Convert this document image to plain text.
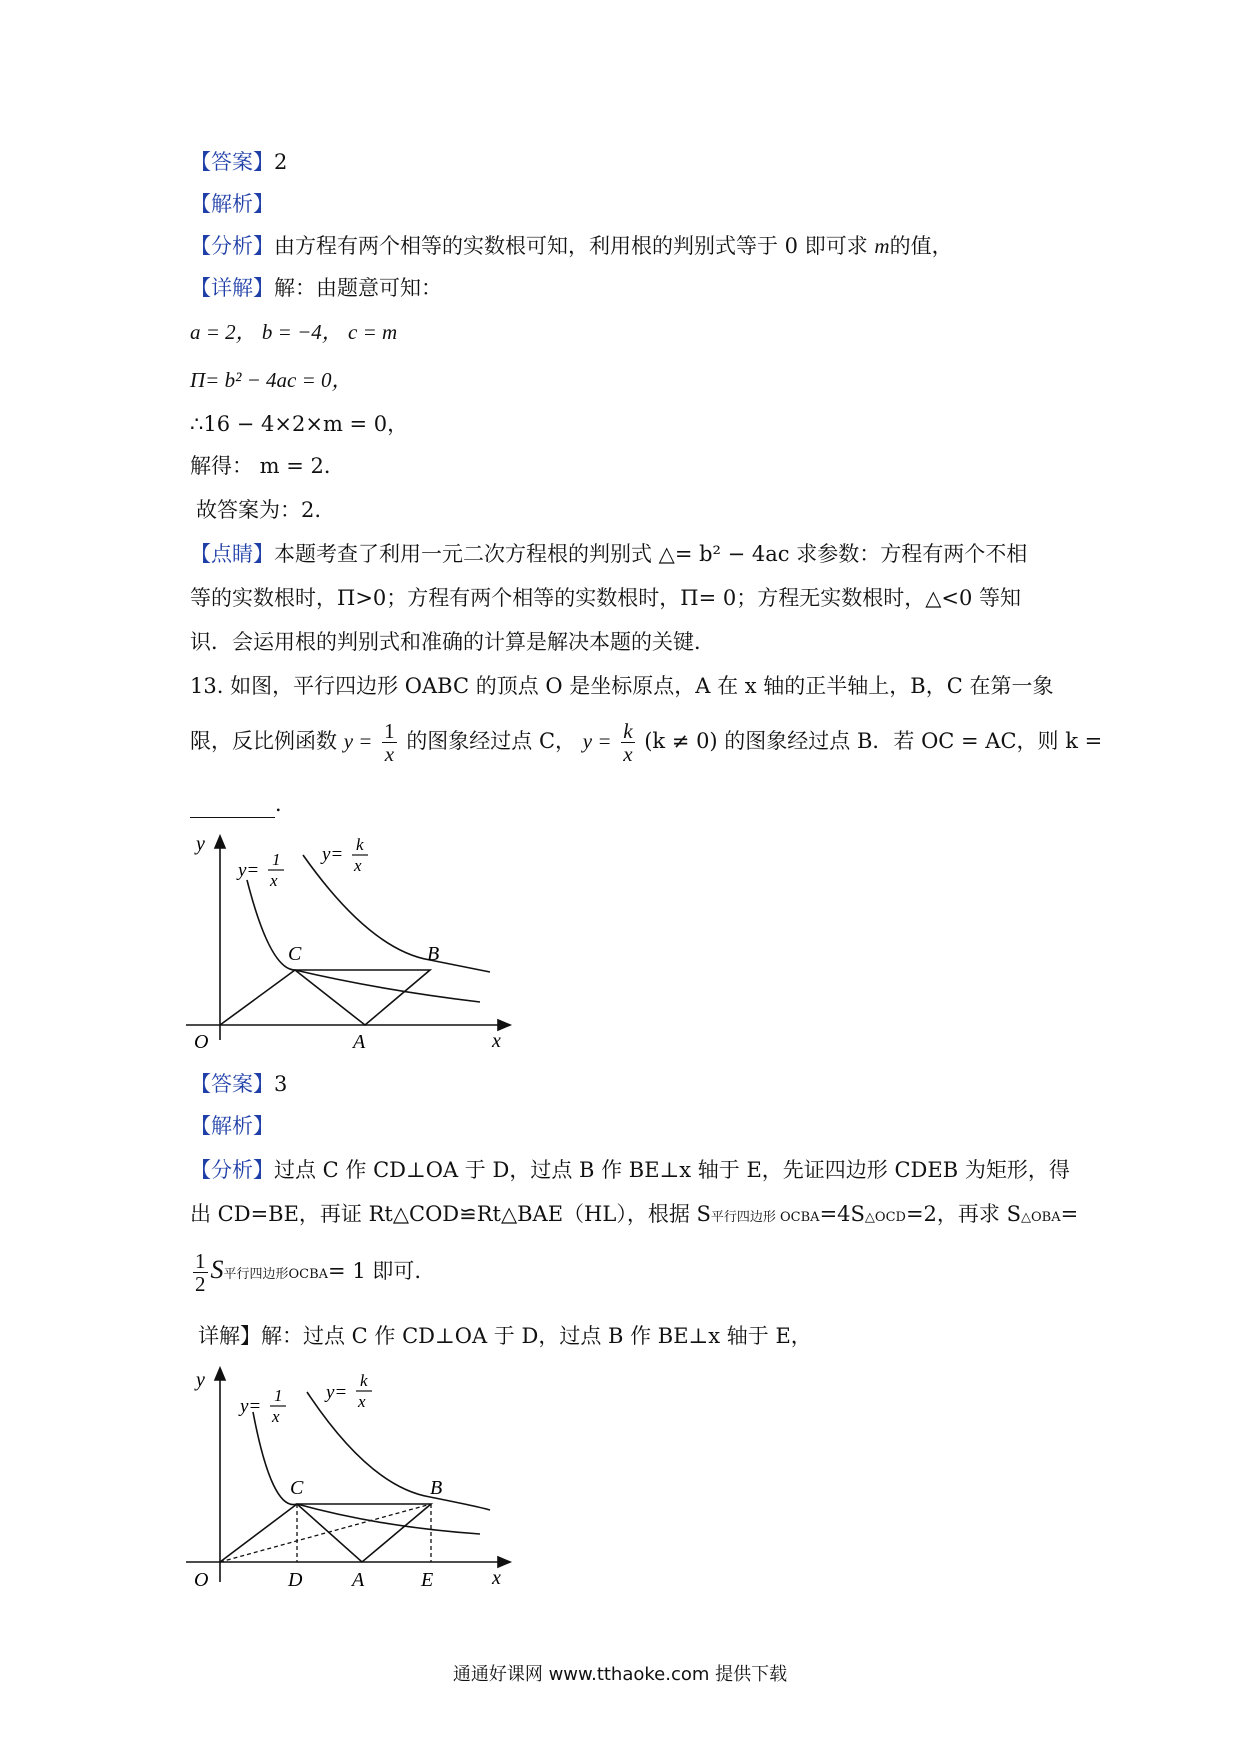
【答案】2
【解析】
【分析】由方程有两个相等的实数根可知，利用根的判别式等于 0 即可求 m的值，
【详解】解：由题意可知：
a = 2， b = −4， c = m
Π= b² − 4ac = 0，
∴16 − 4×2×m = 0，
解得： m = 2．
故答案为：2.
【点睛】本题考查了利用一元二次方程根的判别式 △= b² − 4ac 求参数：方程有两个不相
等的实数根时，Π>0；方程有两个相等的实数根时，Π= 0；方程无实数根时，△<0 等知
识．会运用根的判别式和准确的计算是解决本题的关键．
13. 如图，平行四边形 OABC 的顶点 O 是坐标原点，A 在 x 轴的正半轴上，B，C 在第一象
限，反比例函数 $y = \frac{1}{x}$ 的图象经过点 C， $y = \frac{k}{x} (k \ne 0)$ 的图象经过点 B．若 OC = AC，则 k =
．
y
x
O	A
B
C
y=
1
x
y= k
x
【答案】3
【解析】
【分析】过点 C 作 CD⊥OA 于 D，过点 B 作 BE⊥x 轴于 E，先证四边形 CDEB 为矩形，得
出 CD=BE，再证 Rt△COD≌Rt△BAE（HL），根据 S平行四边形 OCBA=4S△OCD=2，再求 S△OBA=
$\frac{1}{2}$ S平行四边形OCBA= 1 即可.
详解】解：过点 C 作 CD⊥OA 于 D，过点 B 作 BE⊥x 轴于 E，
y
x
O	D A	E
B
C
y=
1
x
y=
k
x
通通好课网 www.tthaoke.com 提供下载
